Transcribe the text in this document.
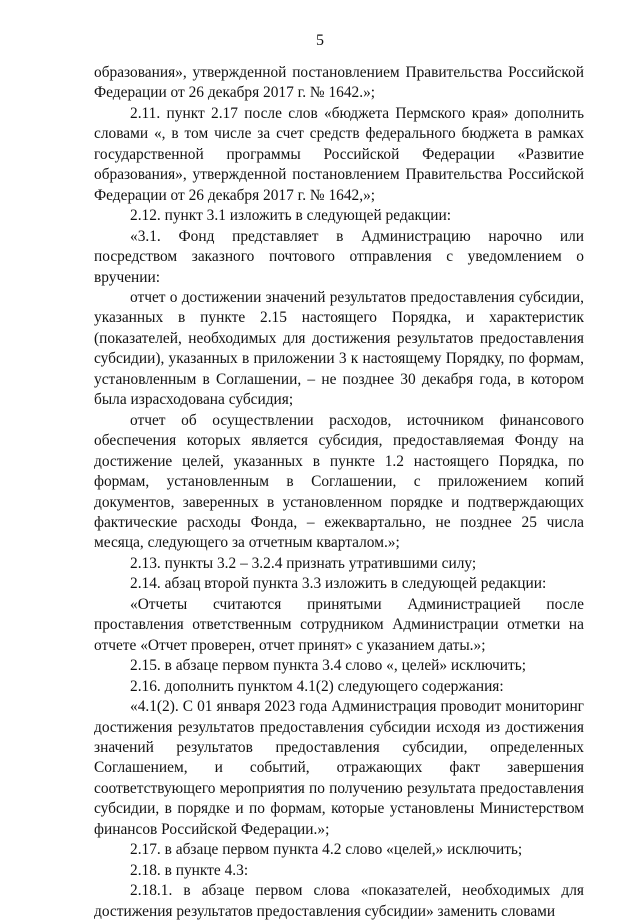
5

образования», утвержденной постановлением Правительства Российской Федерации от 26 декабря 2017 г. № 1642.»;

2.11. пункт 2.17 после слов «бюджета Пермского края» дополнить словами «, в том числе за счет средств федерального бюджета в рамках государственной программы Российской Федерации «Развитие образования», утвержденной постановлением Правительства Российской Федерации от 26 декабря 2017 г. № 1642,»;

2.12. пункт 3.1 изложить в следующей редакции:

«3.1. Фонд представляет в Администрацию нарочно или посредством заказного почтового отправления с уведомлением о вручении:

отчет о достижении значений результатов предоставления субсидии, указанных в пункте 2.15 настоящего Порядка, и характеристик (показателей, необходимых для достижения результатов предоставления субсидии), указанных в приложении 3 к настоящему Порядку, по формам, установленным в Соглашении, – не позднее 30 декабря года, в котором была израсходована субсидия;

отчет об осуществлении расходов, источником финансового обеспечения которых является субсидия, предоставляемая Фонду на достижение целей, указанных в пункте 1.2 настоящего Порядка, по формам, установленным в Соглашении, с приложением копий документов, заверенных в установленном порядке и подтверждающих фактические расходы Фонда, – ежеквартально, не позднее 25 числа месяца, следующего за отчетным кварталом.»;

2.13. пункты 3.2 – 3.2.4 признать утратившими силу;

2.14. абзац второй пункта 3.3 изложить в следующей редакции:

«Отчеты считаются принятыми Администрацией после проставления ответственным сотрудником Администрации отметки на отчете «Отчет проверен, отчет принят» с указанием даты.»;

2.15. в абзаце первом пункта 3.4 слово «, целей» исключить;

2.16. дополнить пунктом 4.1(2) следующего содержания:

«4.1(2). С 01 января 2023 года Администрация проводит мониторинг достижения результатов предоставления субсидии исходя из достижения значений результатов предоставления субсидии, определенных Соглашением, и событий, отражающих факт завершения соответствующего мероприятия по получению результата предоставления субсидии, в порядке и по формам, которые установлены Министерством финансов Российской Федерации.»;

2.17. в абзаце первом пункта 4.2 слово «целей,» исключить;

2.18. в пункте 4.3:

2.18.1. в абзаце первом слова «показателей, необходимых для достижения результатов предоставления субсидии» заменить словами
